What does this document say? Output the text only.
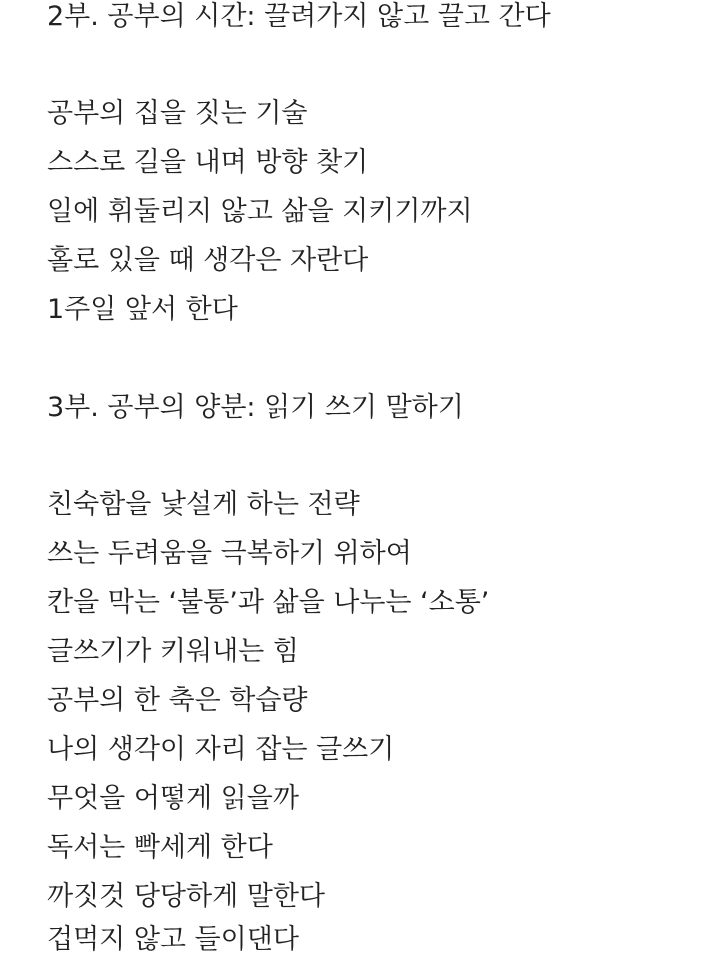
2부. 공부의 시간: 끌려가지 않고 끌고 간다
공부의 집을 짓는 기술
스스로 길을 내며 방향 찾기
일에 휘둘리지 않고 삶을 지키기까지
홀로 있을 때 생각은 자란다
1주일 앞서 한다
3부. 공부의 양분: 읽기 쓰기 말하기
친숙함을 낯설게 하는 전략
쓰는 두려움을 극복하기 위하여
칸을 막는 ‘불통’과 삶을 나누는 ‘소통’
글쓰기가 키워내는 힘
공부의 한 축은 학습량
나의 생각이 자리 잡는 글쓰기
무엇을 어떻게 읽을까
독서는 빡세게 한다
까짓것 당당하게 말한다
겁먹지 않고 들이댄다
